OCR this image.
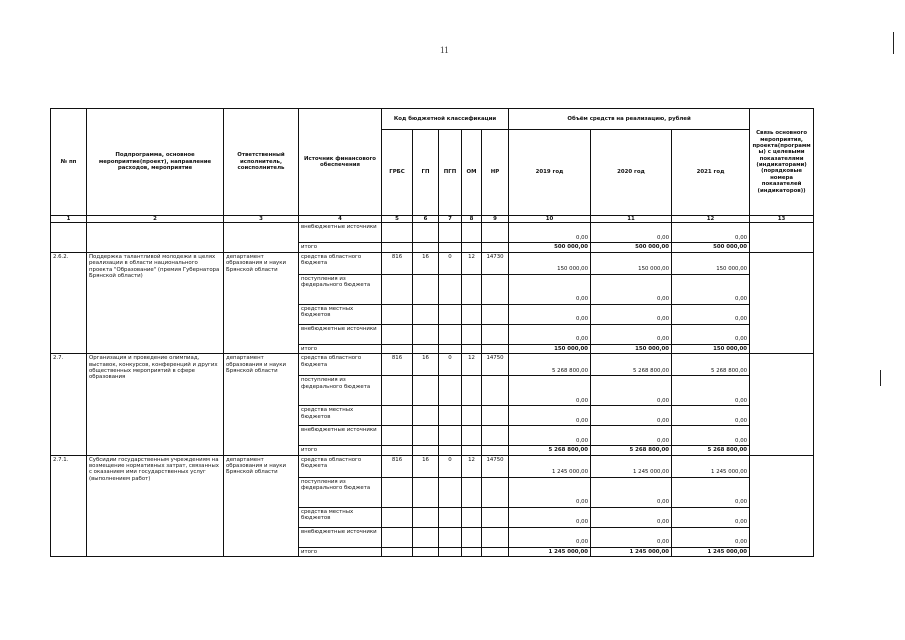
11
№ пп	Подпрограмма, основное мероприятие(проект), направление расходов, мероприятие	Ответственный исполнитель, соисполнитель	Источник финансового обеспечения	Код бюджетной классификации					Объём средств на реализацию, рублей			Связь основного мероприятия, проекта(программы) с целевыми показателями (индикаторами) (порядковые номера показателей (индикаторов))
				ГРБС	ГП	ПГП	ОМ	НР	2019 год	2020 год	2021 год	
1	2	3	4	5	6	7	8	9	10	11	12	13
			внебюджетные источники						0,00	0,00	0,00	
			итого						500 000,00	500 000,00	500 000,00	
2.6.2.	Поддержка талантливой молодежи в целях реализации в области национального проекта "Образование" (премия Губернатора Брянской области)	департамент образования и науки Брянской области	средства областного бюджета	816	16	0	12	14730	150 000,00	150 000,00	150 000,00	
			поступления из федерального бюджета						0,00	0,00	0,00	
			средства местных бюджетов						0,00	0,00	0,00	
			внебюджетные источники						0,00	0,00	0,00	
			итого						150 000,00	150 000,00	150 000,00	
2.7.	Организация и проведение олимпиад, выставок, конкурсов, конференций и других общественных мероприятий в сфере образования	департамент образования и науки Брянской области	средства областного бюджета	816	16	0	12	14750	5 268 800,00	5 268 800,00	5 268 800,00	
			поступления из федерального бюджета						0,00	0,00	0,00	
			средства местных бюджетов						0,00	0,00	0,00	
			внебюджетные источники						0,00	0,00	0,00	
			итого						5 268 800,00	5 268 800,00	5 268 800,00	
2.7.1.	Субсидии государственным учреждениям на возмещение нормативных затрат, связанных с оказанием ими государственных услуг (выполнением работ)	департамент образования и науки Брянской области	средства областного бюджета	816	16	0	12	14750	1 245 000,00	1 245 000,00	1 245 000,00	
			поступления из федерального бюджета						0,00	0,00	0,00	
			средства местных бюджетов						0,00	0,00	0,00	
			внебюджетные источники						0,00	0,00	0,00	
			итого						1 245 000,00	1 245 000,00	1 245 000,00	
